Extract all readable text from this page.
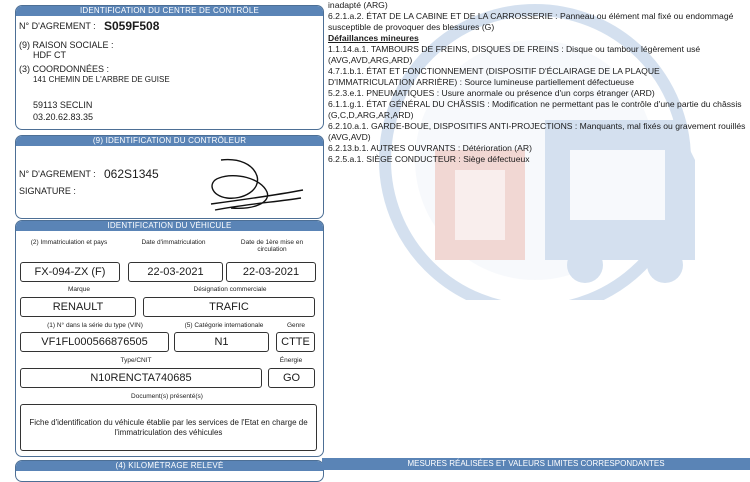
IDENTIFICATION DU CENTRE DE CONTRÔLE
N° D'AGREMENT : S059F508
(9) RAISON SOCIALE :
HDF CT
(3) COORDONNÉES :
141 CHEMIN DE L'ARBRE DE GUISE
59113 SECLIN
03.20.62.83.35
(9) IDENTIFICATION DU CONTRÔLEUR
N° D'AGREMENT : 062S1345
SIGNATURE :
IDENTIFICATION DU VÉHICULE
(2) Immatriculation et pays	Date d'immatriculation	Date de 1ère mise en circulation
FX-094-ZX (F)	22-03-2021	22-03-2021
Marque	Désignation commerciale
RENAULT	TRAFIC
(1) N° dans la série du type (VIN)	(5) Catégorie internationale	Genre
VF1FL000566876505	N1	CTTE
Type/CNIT	Énergie
N10RENCTA740685	GO
Document(s) présenté(s)
Fiche d'identification du véhicule établie par les services de l'Etat en charge de l'immatriculation des véhicules
(4) KILOMÉTRAGE RELEVÉ

inadapté (ARG)

6.2.1.a.2. ÉTAT DE LA CABINE ET DE LA CARROSSERIE : Panneau ou élément mal fixé ou endommagé susceptible de provoquer des blessures (G)

Défaillances mineures

1.1.14.a.1. TAMBOURS DE FREINS, DISQUES DE FREINS : Disque ou tambour légèrement usé (AVG,AVD,ARG,ARD)

4.7.1.b.1. ÉTAT ET FONCTIONNEMENT (DISPOSITIF D'ÉCLAIRAGE DE LA PLAQUE D'IMMATRICULATION ARRIÈRE) : Source lumineuse partiellement défectueuse

5.2.3.e.1. PNEUMATIQUES : Usure anormale ou présence d'un corps étranger (ARD)

6.1.1.g.1. ÉTAT GÉNÉRAL DU CHÂSSIS : Modification ne permettant pas le contrôle d'une partie du châssis (G,C,D,ARG,AR,ARD)

6.2.10.a.1. GARDE-BOUE, DISPOSITIFS ANTI-PROJECTIONS : Manquants, mal fixés ou gravement rouillés (AVG,AVD)

6.2.13.b.1. AUTRES OUVRANTS : Détérioration (AR)

6.2.5.a.1. SIÈGE CONDUCTEUR : Siège défectueux

MESURES RÉALISÉES ET VALEURS LIMITES CORRESPONDANTES
